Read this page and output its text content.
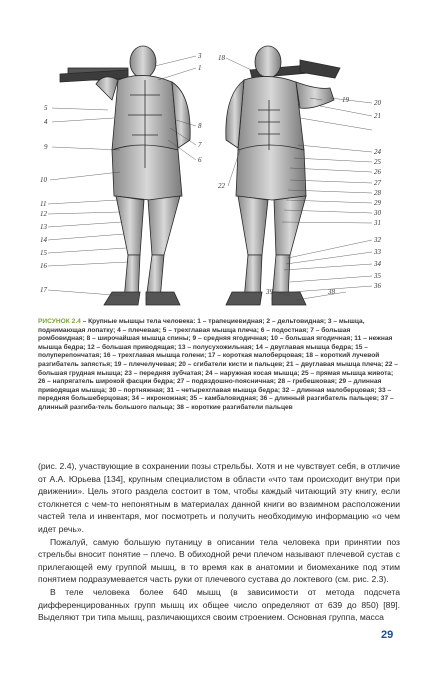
5
4
9
10
11
12
13
14
15
16
17
3
1
8
7
6
18
22
39
19	20
21
24
25
26
27
28
29
30
31
32
33
34
35
36
38
РИСУНОК 2.4 – Крупные мышцы тела человека: 1 – трапециевидная; 2 – дельтовидная; 3 – мышца, поднимающая лопатку; 4 – плечевая; 5 – трехглавая мышца плеча; 6 – подостная; 7 – большая ромбовидная; 8 – широчайшая мышца спины; 9 – средняя ягодичная; 10 – большая ягодичная; 11 – нежная мышца бедра; 12 – большая приводящая; 13 – полусухожильная; 14 – двуглавая мышца бедра; 15 – полуперепончатая; 16 – трехглавая мышца голени; 17 – короткая малоберцовая; 18 – короткий лучевой разгибатель запястья; 19 – плечелучевая; 20 – сгибатели кисти и пальцев; 21 – двуглавая мышца плеча; 22 – большая грудная мышца; 23 – передняя зубчатая; 24 – наружная косая мышца; 25 – прямая мышца живота; 26 – напрягатель широкой фасции бедра; 27 – подвздошно-поясничная; 28 – гребешковая; 29 – длинная приводящая мышца; 30 – портняжная; 31 – четырехглавая мышца бедра; 32 – длинная малоберцовая; 33 – передняя большеберцовая; 34 – икроножная; 35 – камбаловидная; 36 – длинный разгибатель пальцев; 37 – длинный разгиба-тель большого пальца; 38 – короткие разгибатели пальцев

(рис. 2.4), участвующие в сохранении позы стрельбы. Хотя и не чувствует себя, в отличие от А.А. Юрьева [134], крупным специалистом в области «что там происходит внутри при движении». Цель этого раздела состоит в том, чтобы каждый читающий эту книгу, если столкнется с чем-то непонятным в материалах данной книги во взаимном расположении частей тела и инвентаря, мог посмотреть и получить необходимую информацию «о чем идет речь».

Пожалуй, самую большую путаницу в описании тела человека при принятии поз стрельбы вносит понятие – плечо. В обиходной речи плечом называют плечевой сустав с прилегающей ему группой мышц, в то время как в анатомии и биомеханике под этим понятием подразумевается часть руки от плечевого сустава до локтевого (см. рис. 2.3).

В теле человека более 640 мышц (в зависимости от метода подсчета дифференцированных групп мышц их общее число определяют от 639 до 850) [89]. Выделяют три типа мышц, различающихся своим строением. Основная группа, масса

29
